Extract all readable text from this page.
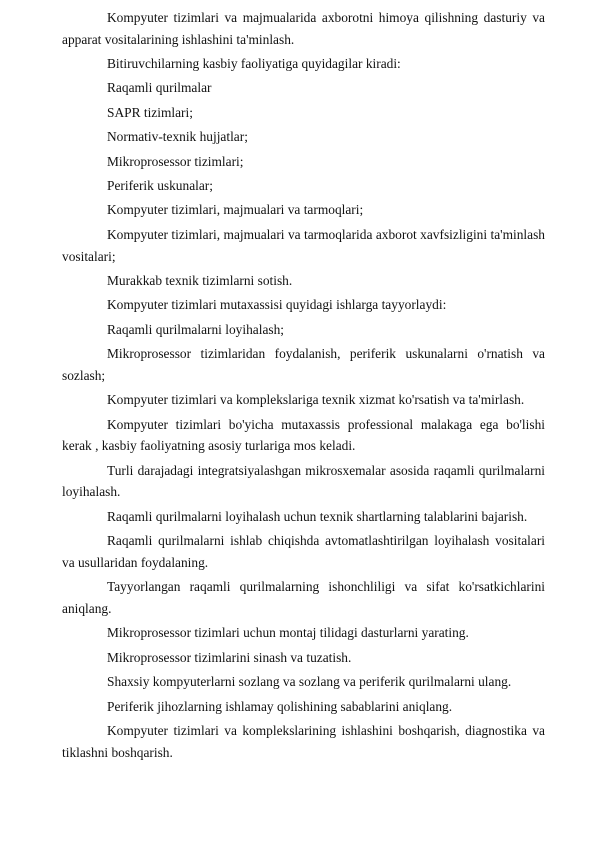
Kompyuter tizimlari va majmualarida axborotni himoya qilishning dasturiy va apparat vositalarining ishlashini ta'minlash.

Bitiruvchilarning kasbiy faoliyatiga quyidagilar kiradi:

Raqamli qurilmalar

SAPR tizimlari;

Normativ-texnik hujjatlar;

Mikroprosessor tizimlari;

Periferik uskunalar;

Kompyuter tizimlari, majmualari va tarmoqlari;

Kompyuter tizimlari, majmualari va tarmoqlarida axborot xavfsizligini ta'minlash vositalari;

Murakkab texnik tizimlarni sotish.

Kompyuter tizimlari mutaxassisi quyidagi ishlarga tayyorlaydi:

Raqamli qurilmalarni loyihalash;

Mikroprosessor tizimlaridan foydalanish, periferik uskunalarni o'rnatish va sozlash;

Kompyuter tizimlari va komplekslariga texnik xizmat ko'rsatish va ta'mirlash.

Kompyuter tizimlari bo'yicha mutaxassis professional malakaga ega bo'lishi kerak , kasbiy faoliyatning asosiy turlariga mos keladi.

Turli darajadagi integratsiyalashgan mikrosxemalar asosida raqamli qurilmalarni loyihalash.

Raqamli qurilmalarni loyihalash uchun texnik shartlarning talablarini bajarish.

Raqamli qurilmalarni ishlab chiqishda avtomatlashtirilgan loyihalash vositalari va usullaridan foydalaning.

Tayyorlangan raqamli qurilmalarning ishonchliligi va sifat ko'rsatkichlarini aniqlang.

Mikroprosessor tizimlari uchun montaj tilidagi dasturlarni yarating.

Mikroprosessor tizimlarini sinash va tuzatish.

Shaxsiy kompyuterlarni sozlang va sozlang va periferik qurilmalarni ulang.

Periferik jihozlarning ishlamay qolishining sabablarini aniqlang.

Kompyuter tizimlari va komplekslarining ishlashini boshqarish, diagnostika va tiklashni boshqarish.
